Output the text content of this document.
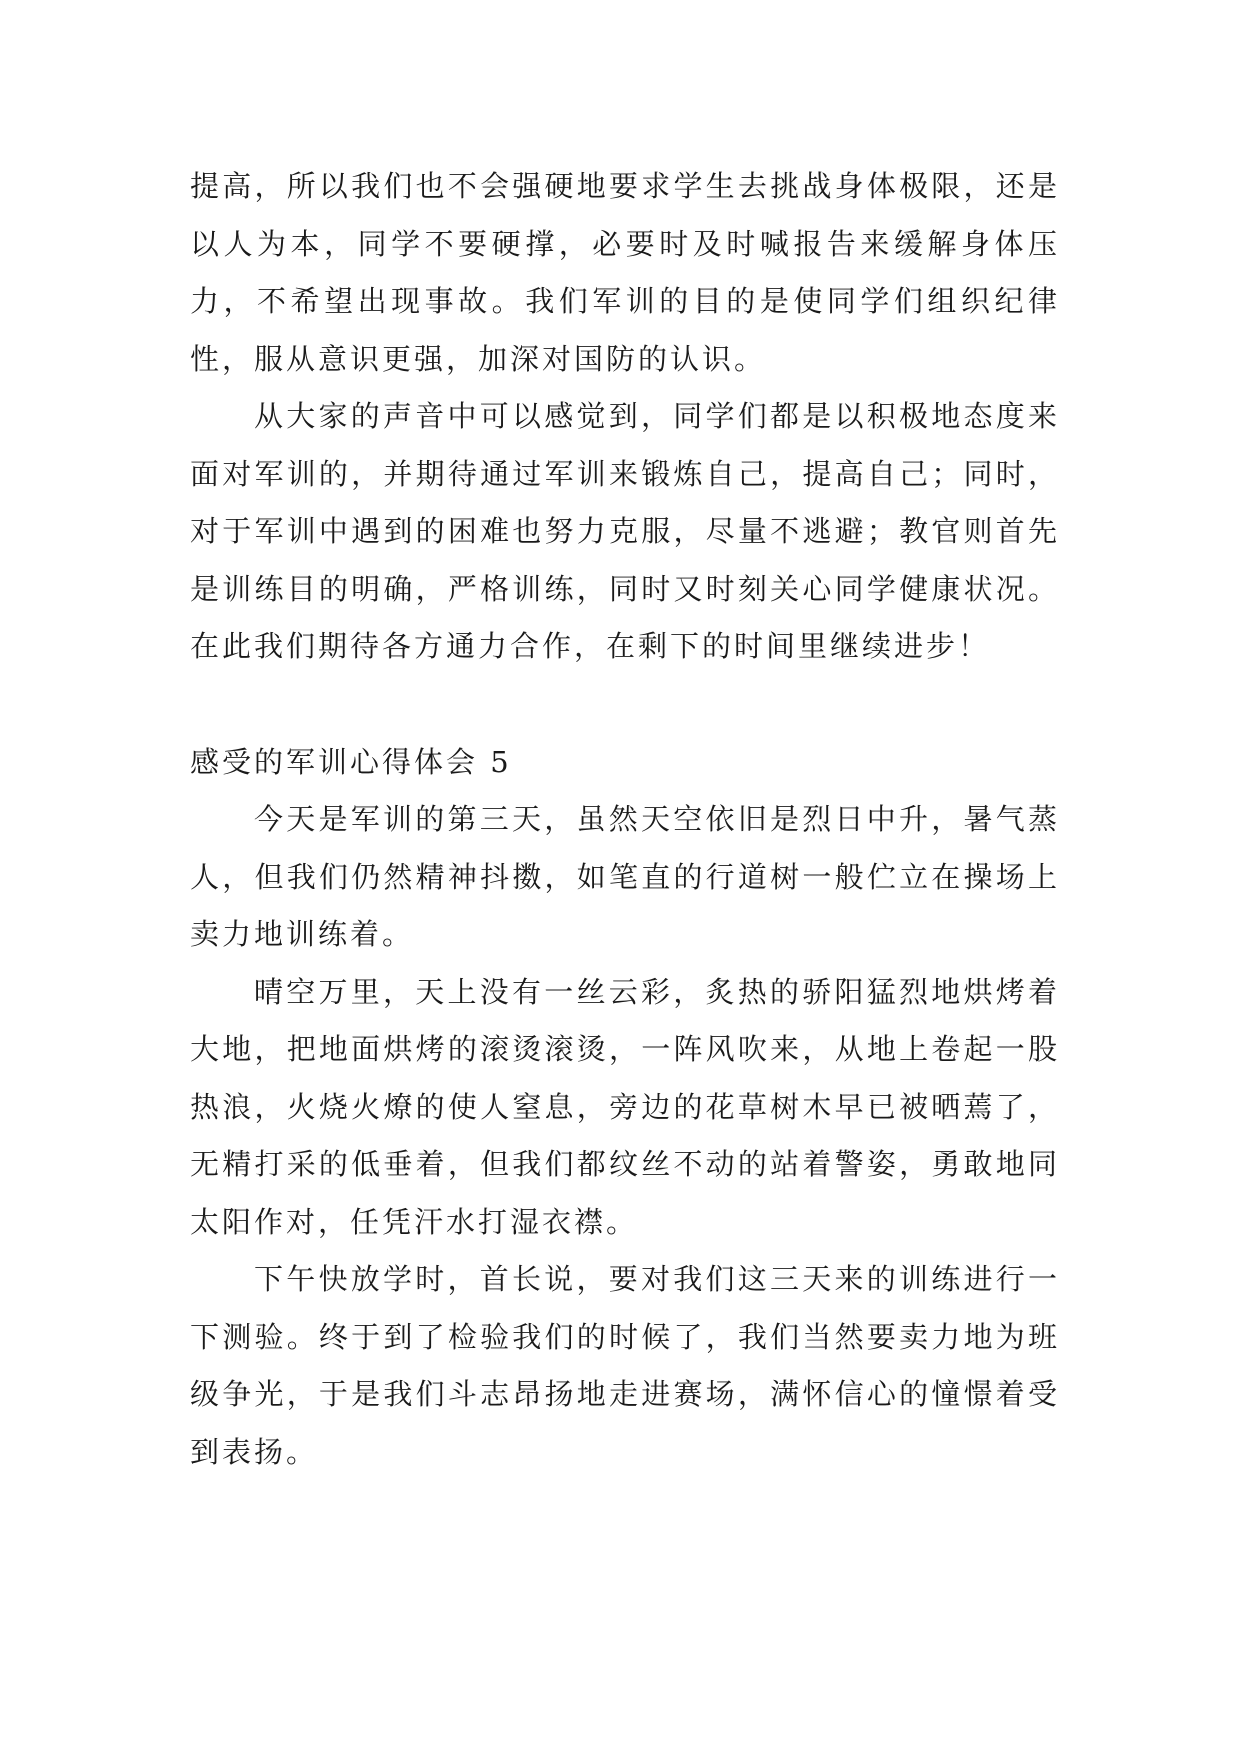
提高，所以我们也不会强硬地要求学生去挑战身体极限，还是以人为本，同学不要硬撑，必要时及时喊报告来缓解身体压力，不希望出现事故。我们军训的目的是使同学们组织纪律性，服从意识更强，加深对国防的认识。

从大家的声音中可以感觉到，同学们都是以积极地态度来面对军训的，并期待通过军训来锻炼自己，提高自己；同时，对于军训中遇到的困难也努力克服，尽量不逃避；教官则首先是训练目的明确，严格训练，同时又时刻关心同学健康状况。在此我们期待各方通力合作，在剩下的时间里继续进步！

感受的军训心得体会 5

今天是军训的第三天，虽然天空依旧是烈日中升，暑气蒸人，但我们仍然精神抖擞，如笔直的行道树一般伫立在操场上卖力地训练着。

晴空万里，天上没有一丝云彩，炙热的骄阳猛烈地烘烤着大地，把地面烘烤的滚烫滚烫，一阵风吹来，从地上卷起一股热浪，火烧火燎的使人窒息，旁边的花草树木早已被晒蔫了，无精打采的低垂着，但我们都纹丝不动的站着警姿，勇敢地同太阳作对，任凭汗水打湿衣襟。

下午快放学时，首长说，要对我们这三天来的训练进行一下测验。终于到了检验我们的时候了，我们当然要卖力地为班级争光，于是我们斗志昂扬地走进赛场，满怀信心的憧憬着受到表扬。
